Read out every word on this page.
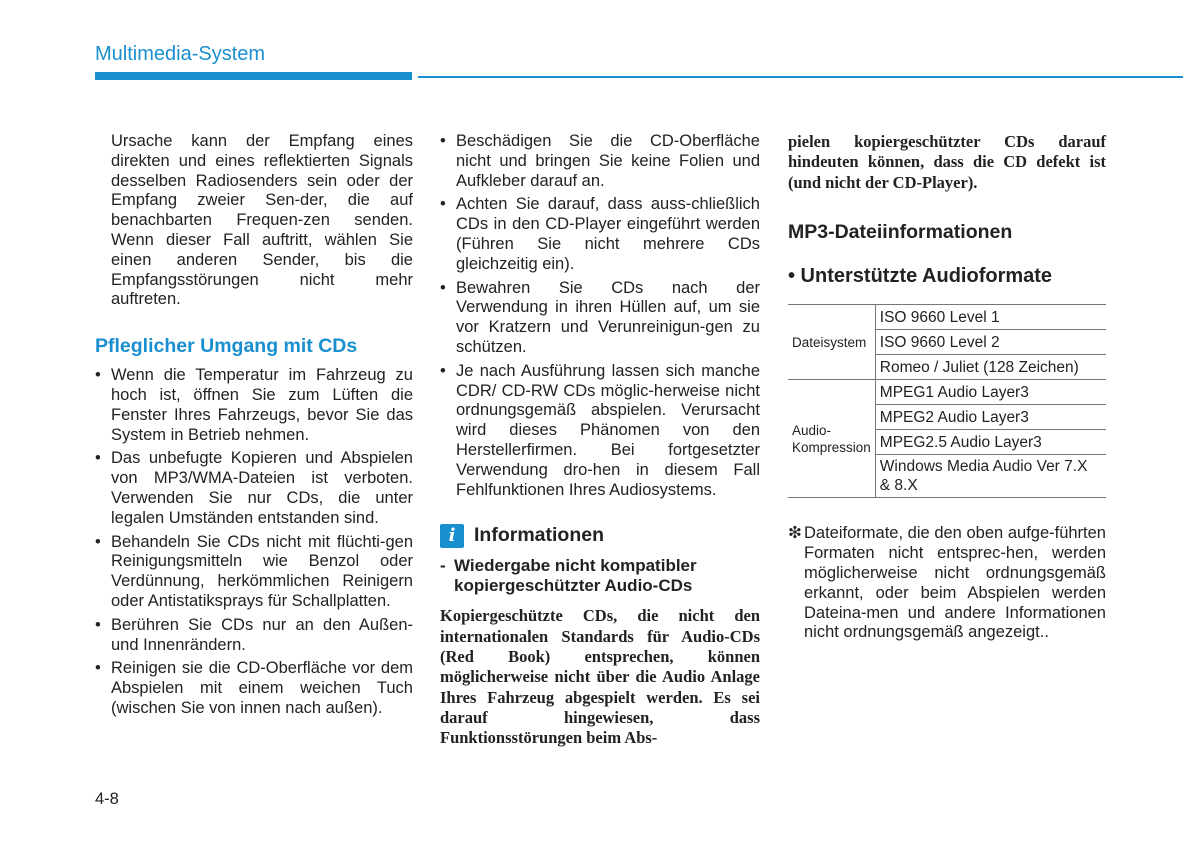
Multimedia-System

Ursache kann der Empfang eines direkten und eines reflektierten Signals desselben Radiosenders sein oder der Empfang zweier Sen-der, die auf benachbarten Frequen-zen senden. Wenn dieser Fall auftritt, wählen Sie einen anderen Sender, bis die Empfangsstörungen nicht mehr auftreten.

Pfleglicher Umgang mit CDs
• Wenn die Temperatur im Fahrzeug zu hoch ist, öffnen Sie zum Lüften die Fenster Ihres Fahrzeugs, bevor Sie das System in Betrieb nehmen.
• Das unbefugte Kopieren und Abspielen von MP3/WMA-Dateien ist verboten. Verwenden Sie nur CDs, die unter legalen Umständen entstanden sind.
• Behandeln Sie CDs nicht mit flüchti-gen Reinigungsmitteln wie Benzol oder Verdünnung, herkömmlichen Reinigern oder Antistatiksprays für Schallplatten.
• Berühren Sie CDs nur an den Außen- und Innenrändern.
• Reinigen sie die CD-Oberfläche vor dem Abspielen mit einem weichen Tuch (wischen Sie von innen nach außen).
• Beschädigen Sie die CD-Oberfläche nicht und bringen Sie keine Folien und Aufkleber darauf an.
• Achten Sie darauf, dass auss-chließlich CDs in den CD-Player eingeführt werden (Führen Sie nicht mehrere CDs gleichzeitig ein).
• Bewahren Sie CDs nach der Verwendung in ihren Hüllen auf, um sie vor Kratzern und Verunreinigun-gen zu schützen.
• Je nach Ausführung lassen sich manche CDR/ CD-RW CDs möglic-herweise nicht ordnungsgemäß abspielen. Verursacht wird dieses Phänomen von den Herstellerfirmen. Bei fortgesetzter Verwendung dro-hen in diesem Fall Fehlfunktionen Ihres Audiosystems.
i Informationen
- Wiedergabe nicht kompatibler kopiergeschützter Audio-CDs
Kopiergeschützte CDs, die nicht den internationalen Standards für Audio-CDs (Red Book) entsprechen, können möglicherweise nicht über die Audio Anlage Ihres Fahrzeug abgespielt werden. Es sei darauf hingewiesen, dass Funktionsstörungen beim Abs-
pielen kopiergeschützter CDs darauf hindeuten können, dass die CD defekt ist (und nicht der CD-Player).
MP3-Dateiinformationen
• Unterstützte Audioformate
Dateisystem	ISO 9660 Level 1
	ISO 9660 Level 2
	Romeo / Juliet (128 Zeichen)
Audio-Kompression	MPEG1 Audio Layer3
	MPEG2 Audio Layer3
	MPEG2.5 Audio Layer3
	Windows Media Audio Ver 7.X & 8.X
❇ Dateiformate, die den oben aufge-führten Formaten nicht entsprec-hen, werden möglicherweise nicht ordnungsgemäß erkannt, oder beim Abspielen werden Dateina-men und andere Informationen nicht ordnungsgemäß angezeigt..
4-8
